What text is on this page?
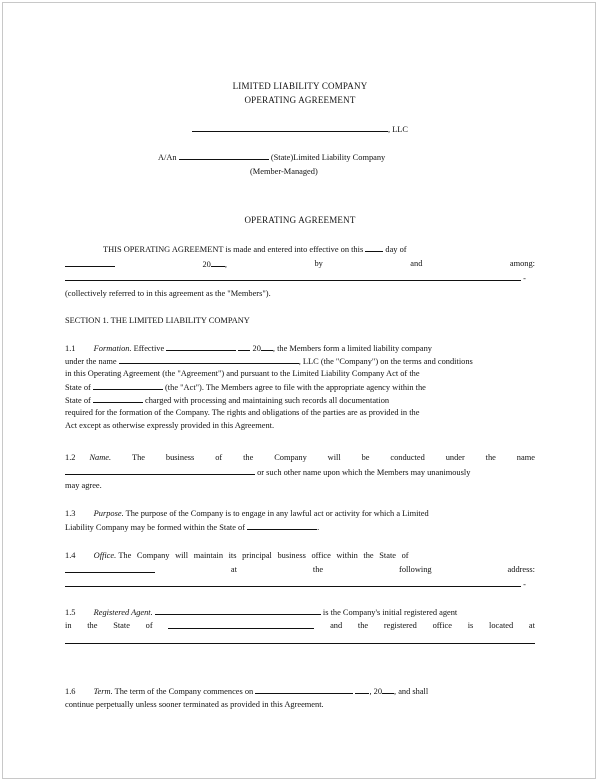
LIMITED LIABILITY COMPANY
OPERATING AGREEMENT
, LLC
A/An	(State)Limited Liability Company
(Member-Managed)
OPERATING AGREEMENT
THIS OPERATING AGREEMENT is made and entered into effective on this	day of
20 ,	by	and	among:
-
(collectively referred to in this agreement as the "Members").
SECTION 1. THE LIMITED LIABILITY COMPANY
1.1 Formation. Effective	20 , the Members form a limited liability company
under the name	, LLC (the "Company") on the terms and conditions
in this Operating Agreement (the "Agreement") and pursuant to the Limited Liability Company Act of the
State of	(the "Act"). The Members agree to file with the appropriate agency within the
State of	charged with processing and maintaining such records all documentation
required for the formation of the Company. The rights and obligations of the parties are as provided in the
Act except as otherwise expressly provided in this Agreement.
1.2 Name. The business of the Company will be conducted under the name
or such other name upon which the Members may unanimously
may agree.
1.3 Purpose. The purpose of the Company is to engage in any lawful act or activity for which a Limited
Liability Company may be formed within the State of	.
1.4 Office. The Company will maintain its principal business office within the State of
at	the	following	address:
-
1.5 Registered Agent.	is the Company's initial registered agent
in the State of	and the registered office is located at
1.6 Term. The term of the Company commences on	, 20 , and shall
continue perpetually unless sooner terminated as provided in this Agreement.
